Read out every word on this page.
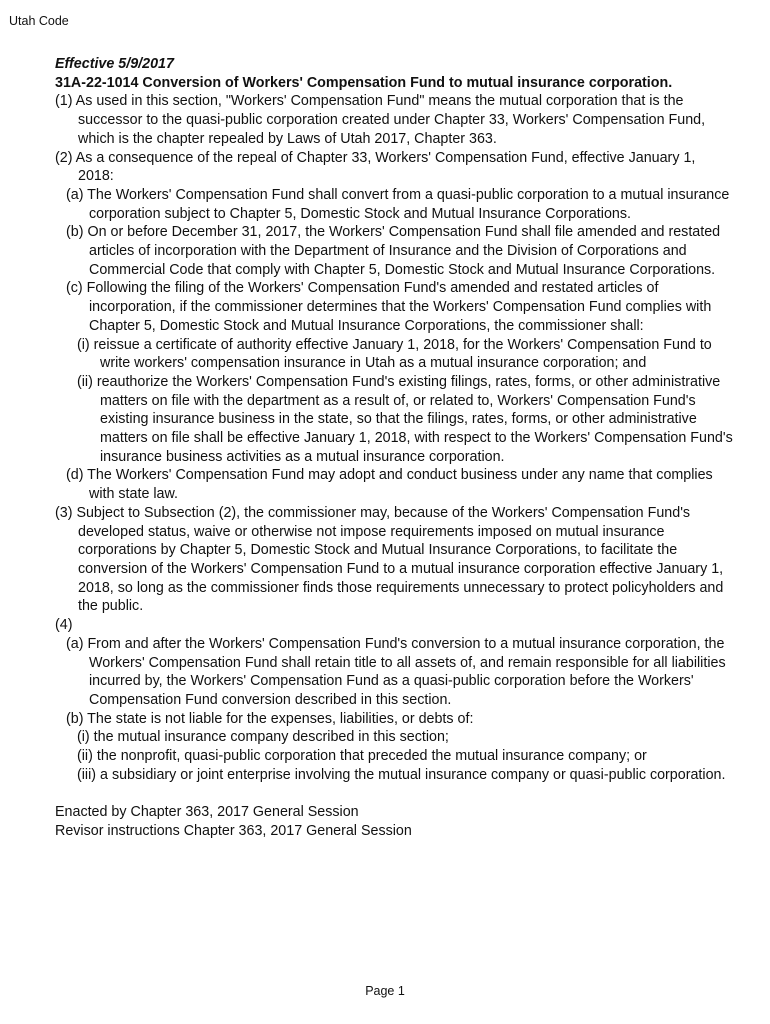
Utah Code

Effective 5/9/2017

31A-22-1014 Conversion of Workers' Compensation Fund to mutual insurance corporation.

(1) As used in this section, "Workers' Compensation Fund" means the mutual corporation that is the successor to the quasi-public corporation created under Chapter 33, Workers' Compensation Fund, which is the chapter repealed by Laws of Utah 2017, Chapter 363.

(2) As a consequence of the repeal of Chapter 33, Workers' Compensation Fund, effective January 1, 2018:

(a) The Workers' Compensation Fund shall convert from a quasi-public corporation to a mutual insurance corporation subject to Chapter 5, Domestic Stock and Mutual Insurance Corporations.

(b) On or before December 31, 2017, the Workers' Compensation Fund shall file amended and restated articles of incorporation with the Department of Insurance and the Division of Corporations and Commercial Code that comply with Chapter 5, Domestic Stock and Mutual Insurance Corporations.

(c) Following the filing of the Workers' Compensation Fund's amended and restated articles of incorporation, if the commissioner determines that the Workers' Compensation Fund complies with Chapter 5, Domestic Stock and Mutual Insurance Corporations, the commissioner shall:

(i) reissue a certificate of authority effective January 1, 2018, for the Workers' Compensation Fund to write workers' compensation insurance in Utah as a mutual insurance corporation; and

(ii) reauthorize the Workers' Compensation Fund's existing filings, rates, forms, or other administrative matters on file with the department as a result of, or related to, Workers' Compensation Fund's existing insurance business in the state, so that the filings, rates, forms, or other administrative matters on file shall be effective January 1, 2018, with respect to the Workers' Compensation Fund's insurance business activities as a mutual insurance corporation.

(d) The Workers' Compensation Fund may adopt and conduct business under any name that complies with state law.

(3) Subject to Subsection (2), the commissioner may, because of the Workers' Compensation Fund's developed status, waive or otherwise not impose requirements imposed on mutual insurance corporations by Chapter 5, Domestic Stock and Mutual Insurance Corporations, to facilitate the conversion of the Workers' Compensation Fund to a mutual insurance corporation effective January 1, 2018, so long as the commissioner finds those requirements unnecessary to protect policyholders and the public.

(4)

(a) From and after the Workers' Compensation Fund's conversion to a mutual insurance corporation, the Workers' Compensation Fund shall retain title to all assets of, and remain responsible for all liabilities incurred by, the Workers' Compensation Fund as a quasi-public corporation before the Workers' Compensation Fund conversion described in this section.

(b) The state is not liable for the expenses, liabilities, or debts of:

(i) the mutual insurance company described in this section;

(ii) the nonprofit, quasi-public corporation that preceded the mutual insurance company; or

(iii) a subsidiary or joint enterprise involving the mutual insurance company or quasi-public corporation.

Enacted by Chapter 363, 2017 General Session

Revisor instructions Chapter 363, 2017 General Session

Page 1
